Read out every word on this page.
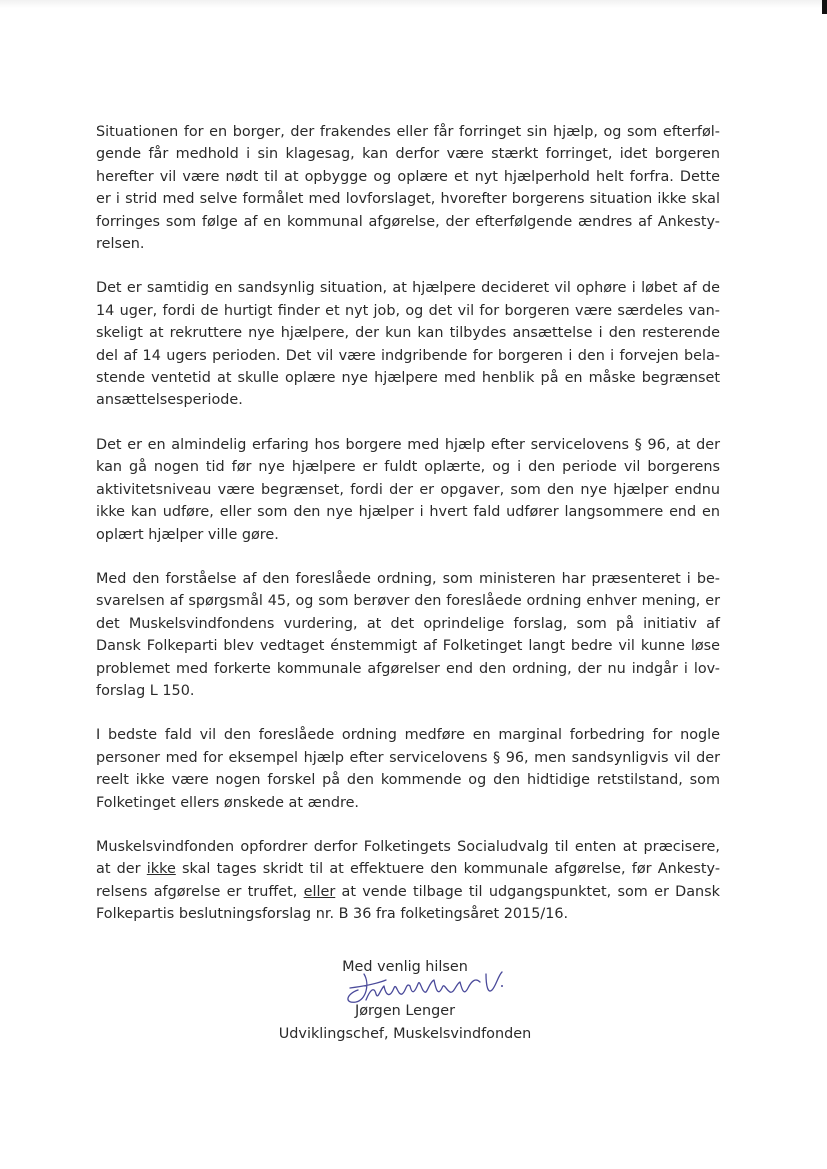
Situationen for en borger, der frakendes eller får forringet sin hjælp, og som efterføl-
gende får medhold i sin klagesag, kan derfor være stærkt forringet, idet borgeren
herefter vil være nødt til at opbygge og oplære et nyt hjælperhold helt forfra. Dette
er i strid med selve formålet med lovforslaget, hvorefter borgerens situation ikke skal
forringes som følge af en kommunal afgørelse, der efterfølgende ændres af Ankesty-
relsen.

Det er samtidig en sandsynlig situation, at hjælpere decideret vil ophøre i løbet af de
14 uger, fordi de hurtigt finder et nyt job, og det vil for borgeren være særdeles van-
skeligt at rekruttere nye hjælpere, der kun kan tilbydes ansættelse i den resterende
del af 14 ugers perioden. Det vil være indgribende for borgeren i den i forvejen bela-
stende ventetid at skulle oplære nye hjælpere med henblik på en måske begrænset
ansættelsesperiode.

Det er en almindelig erfaring hos borgere med hjælp efter servicelovens § 96, at der
kan gå nogen tid før nye hjælpere er fuldt oplærte, og i den periode vil borgerens
aktivitetsniveau være begrænset, fordi der er opgaver, som den nye hjælper endnu
ikke kan udføre, eller som den nye hjælper i hvert fald udfører langsommere end en
oplært hjælper ville gøre.

Med den forståelse af den foreslåede ordning, som ministeren har præsenteret i be-
svarelsen af spørgsmål 45, og som berøver den foreslåede ordning enhver mening, er
det Muskelsvindfondens vurdering, at det oprindelige forslag, som på initiativ af
Dansk Folkeparti blev vedtaget énstemmigt af Folketinget langt bedre vil kunne løse
problemet med forkerte kommunale afgørelser end den ordning, der nu indgår i lov-
forslag L 150.

I bedste fald vil den foreslåede ordning medføre en marginal forbedring for nogle
personer med for eksempel hjælp efter servicelovens § 96, men sandsynligvis vil der
reelt ikke være nogen forskel på den kommende og den hidtidige retstilstand, som
Folketinget ellers ønskede at ændre.

Muskelsvindfonden opfordrer derfor Folketingets Socialudvalg til enten at præcisere,
at der ikke skal tages skridt til at effektuere den kommunale afgørelse, før Ankesty-
relsens afgørelse er truffet, eller at vende tilbage til udgangspunktet, som er Dansk
Folkepartis beslutningsforslag nr. B 36 fra folketingsåret 2015/16.

Med venlig hilsen
Jørgen Lenger
Udviklingschef, Muskelsvindfonden
